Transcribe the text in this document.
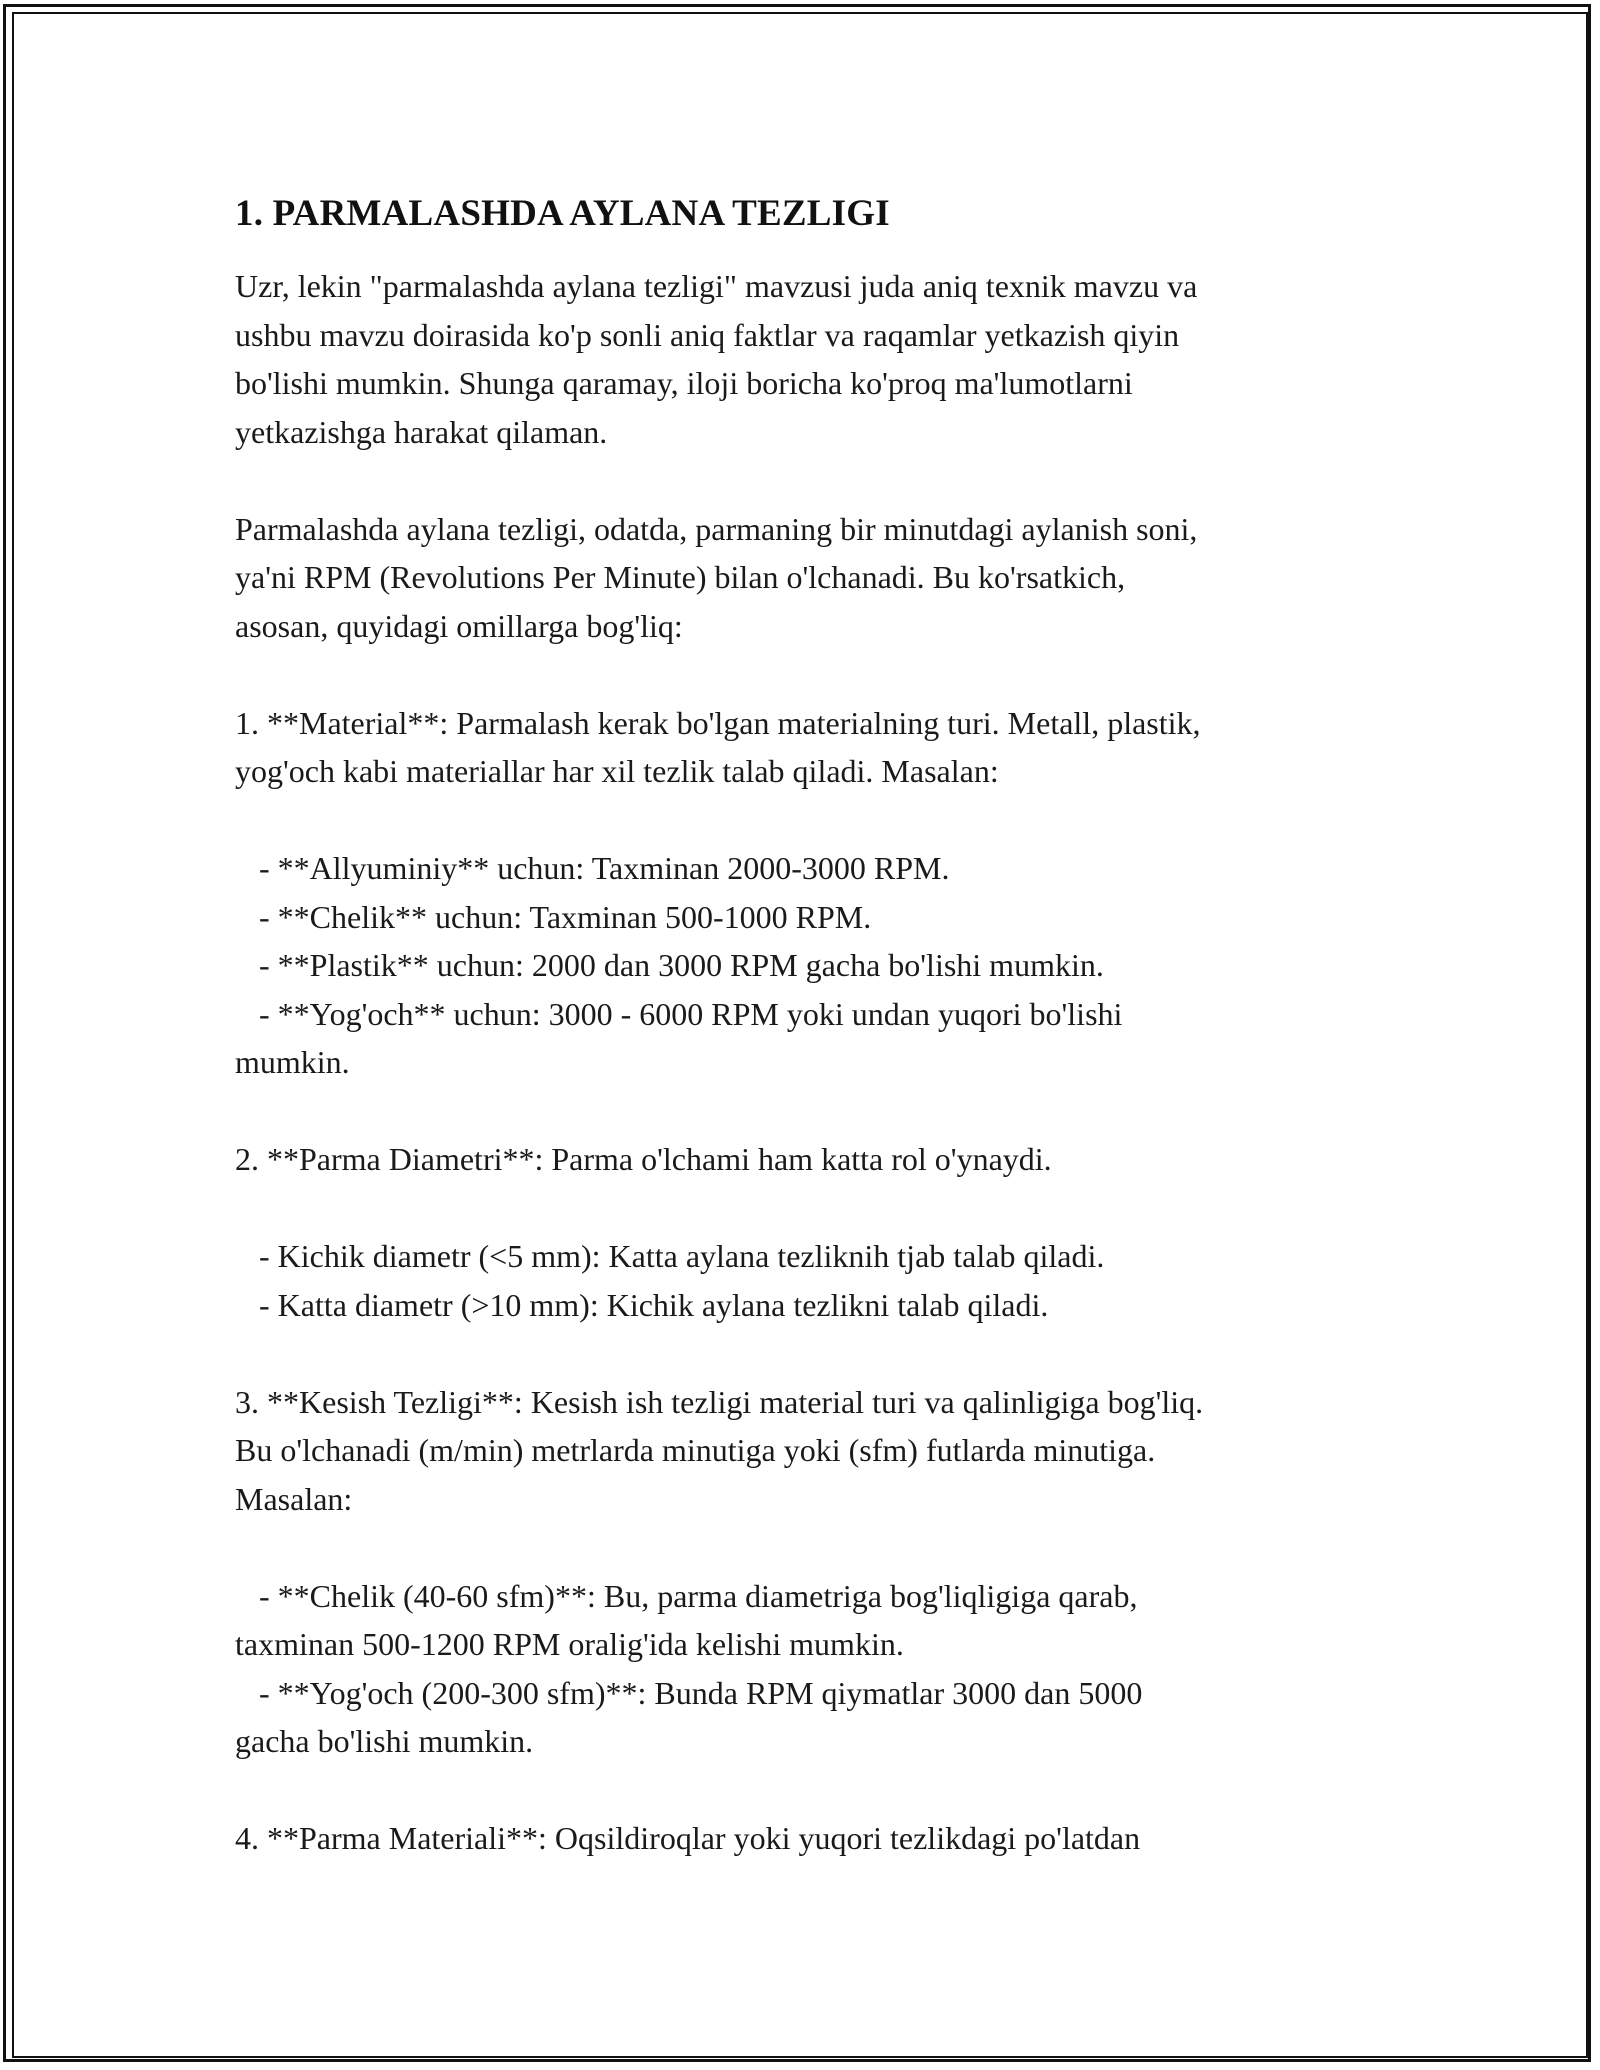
1. PARMALASHDA AYLANA TEZLIGI

Uzr, lekin "parmalashda aylana tezligi" mavzusi juda aniq texnik mavzu va
ushbu mavzu doirasida ko'p sonli aniq faktlar va raqamlar yetkazish qiyin
bo'lishi mumkin. Shunga qaramay, iloji boricha ko'proq ma'lumotlarni
yetkazishga harakat qilaman.

Parmalashda aylana tezligi, odatda, parmaning bir minutdagi aylanish soni,
ya'ni RPM (Revolutions Per Minute) bilan o'lchanadi. Bu ko'rsatkich,
asosan, quyidagi omillarga bog'liq:

1. **Material**: Parmalash kerak bo'lgan materialning turi. Metall, plastik,
yog'och kabi materiallar har xil tezlik talab qiladi. Masalan:

- **Allyuminiy** uchun: Taxminan 2000-3000 RPM.
- **Chelik** uchun: Taxminan 500-1000 RPM.
- **Plastik** uchun: 2000 dan 3000 RPM gacha bo'lishi mumkin.
- **Yog'och** uchun: 3000 - 6000 RPM yoki undan yuqori bo'lishi
mumkin.

2. **Parma Diametri**: Parma o'lchami ham katta rol o'ynaydi.

- Kichik diametr (<5 mm): Katta aylana tezliknih tjab talab qiladi.
- Katta diametr (>10 mm): Kichik aylana tezlikni talab qiladi.

3. **Kesish Tezligi**: Kesish ish tezligi material turi va qalinligiga bog'liq.
Bu o'lchanadi (m/min) metrlarda minutiga yoki (sfm) futlarda minutiga.
Masalan:

- **Chelik (40-60 sfm)**: Bu, parma diametriga bog'liqligiga qarab,
taxminan 500-1200 RPM oralig'ida kelishi mumkin.
- **Yog'och (200-300 sfm)**: Bunda RPM qiymatlar 3000 dan 5000
gacha bo'lishi mumkin.

4. **Parma Materiali**: Oqsildiroqlar yoki yuqori tezlikdagi po'latdan
